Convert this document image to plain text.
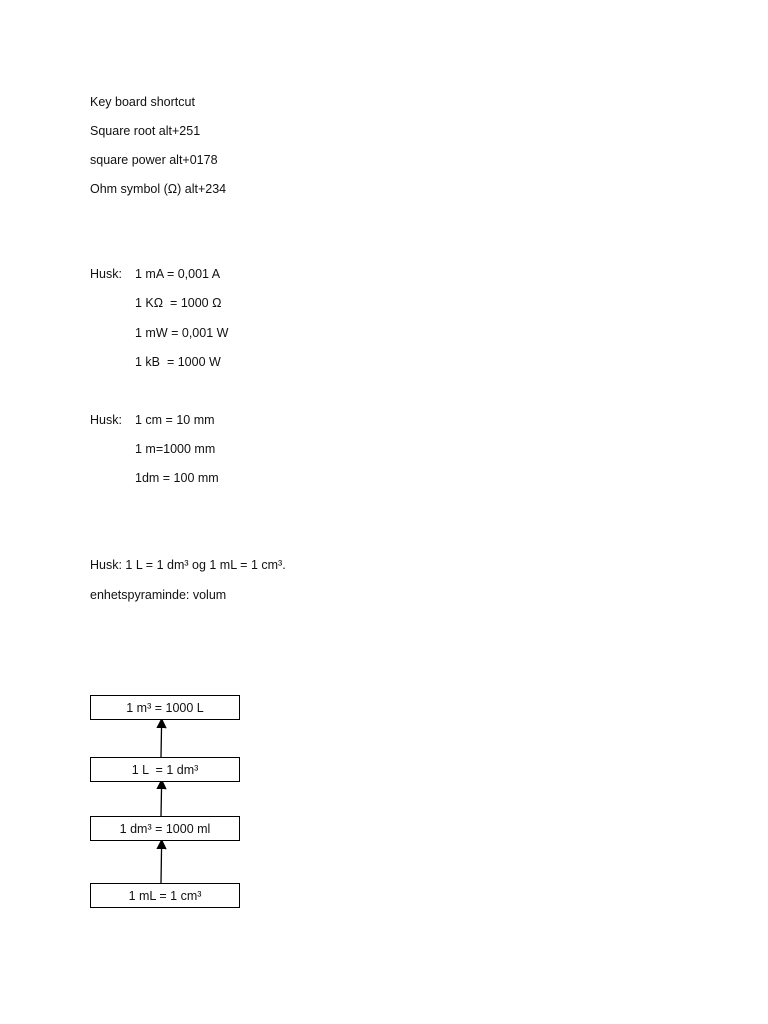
Key board shortcut
Square root alt+251
square power alt+0178
Ohm symbol (Ω) alt+234
Husk: 1 mA = 0,001 A
1 KΩ  = 1000 Ω
1 mW = 0,001 W
1 kB  = 1000 W
Husk: 1 cm = 10 mm
1 m=1000 mm
1dm = 100 mm
Husk: 1 L = 1 dm³ og 1 mL = 1 cm³.
enhetspyraminde: volum
1 m³ = 1000 L
1 L  = 1 dm³
1 dm³ = 1000 ml
1 mL = 1 cm³
